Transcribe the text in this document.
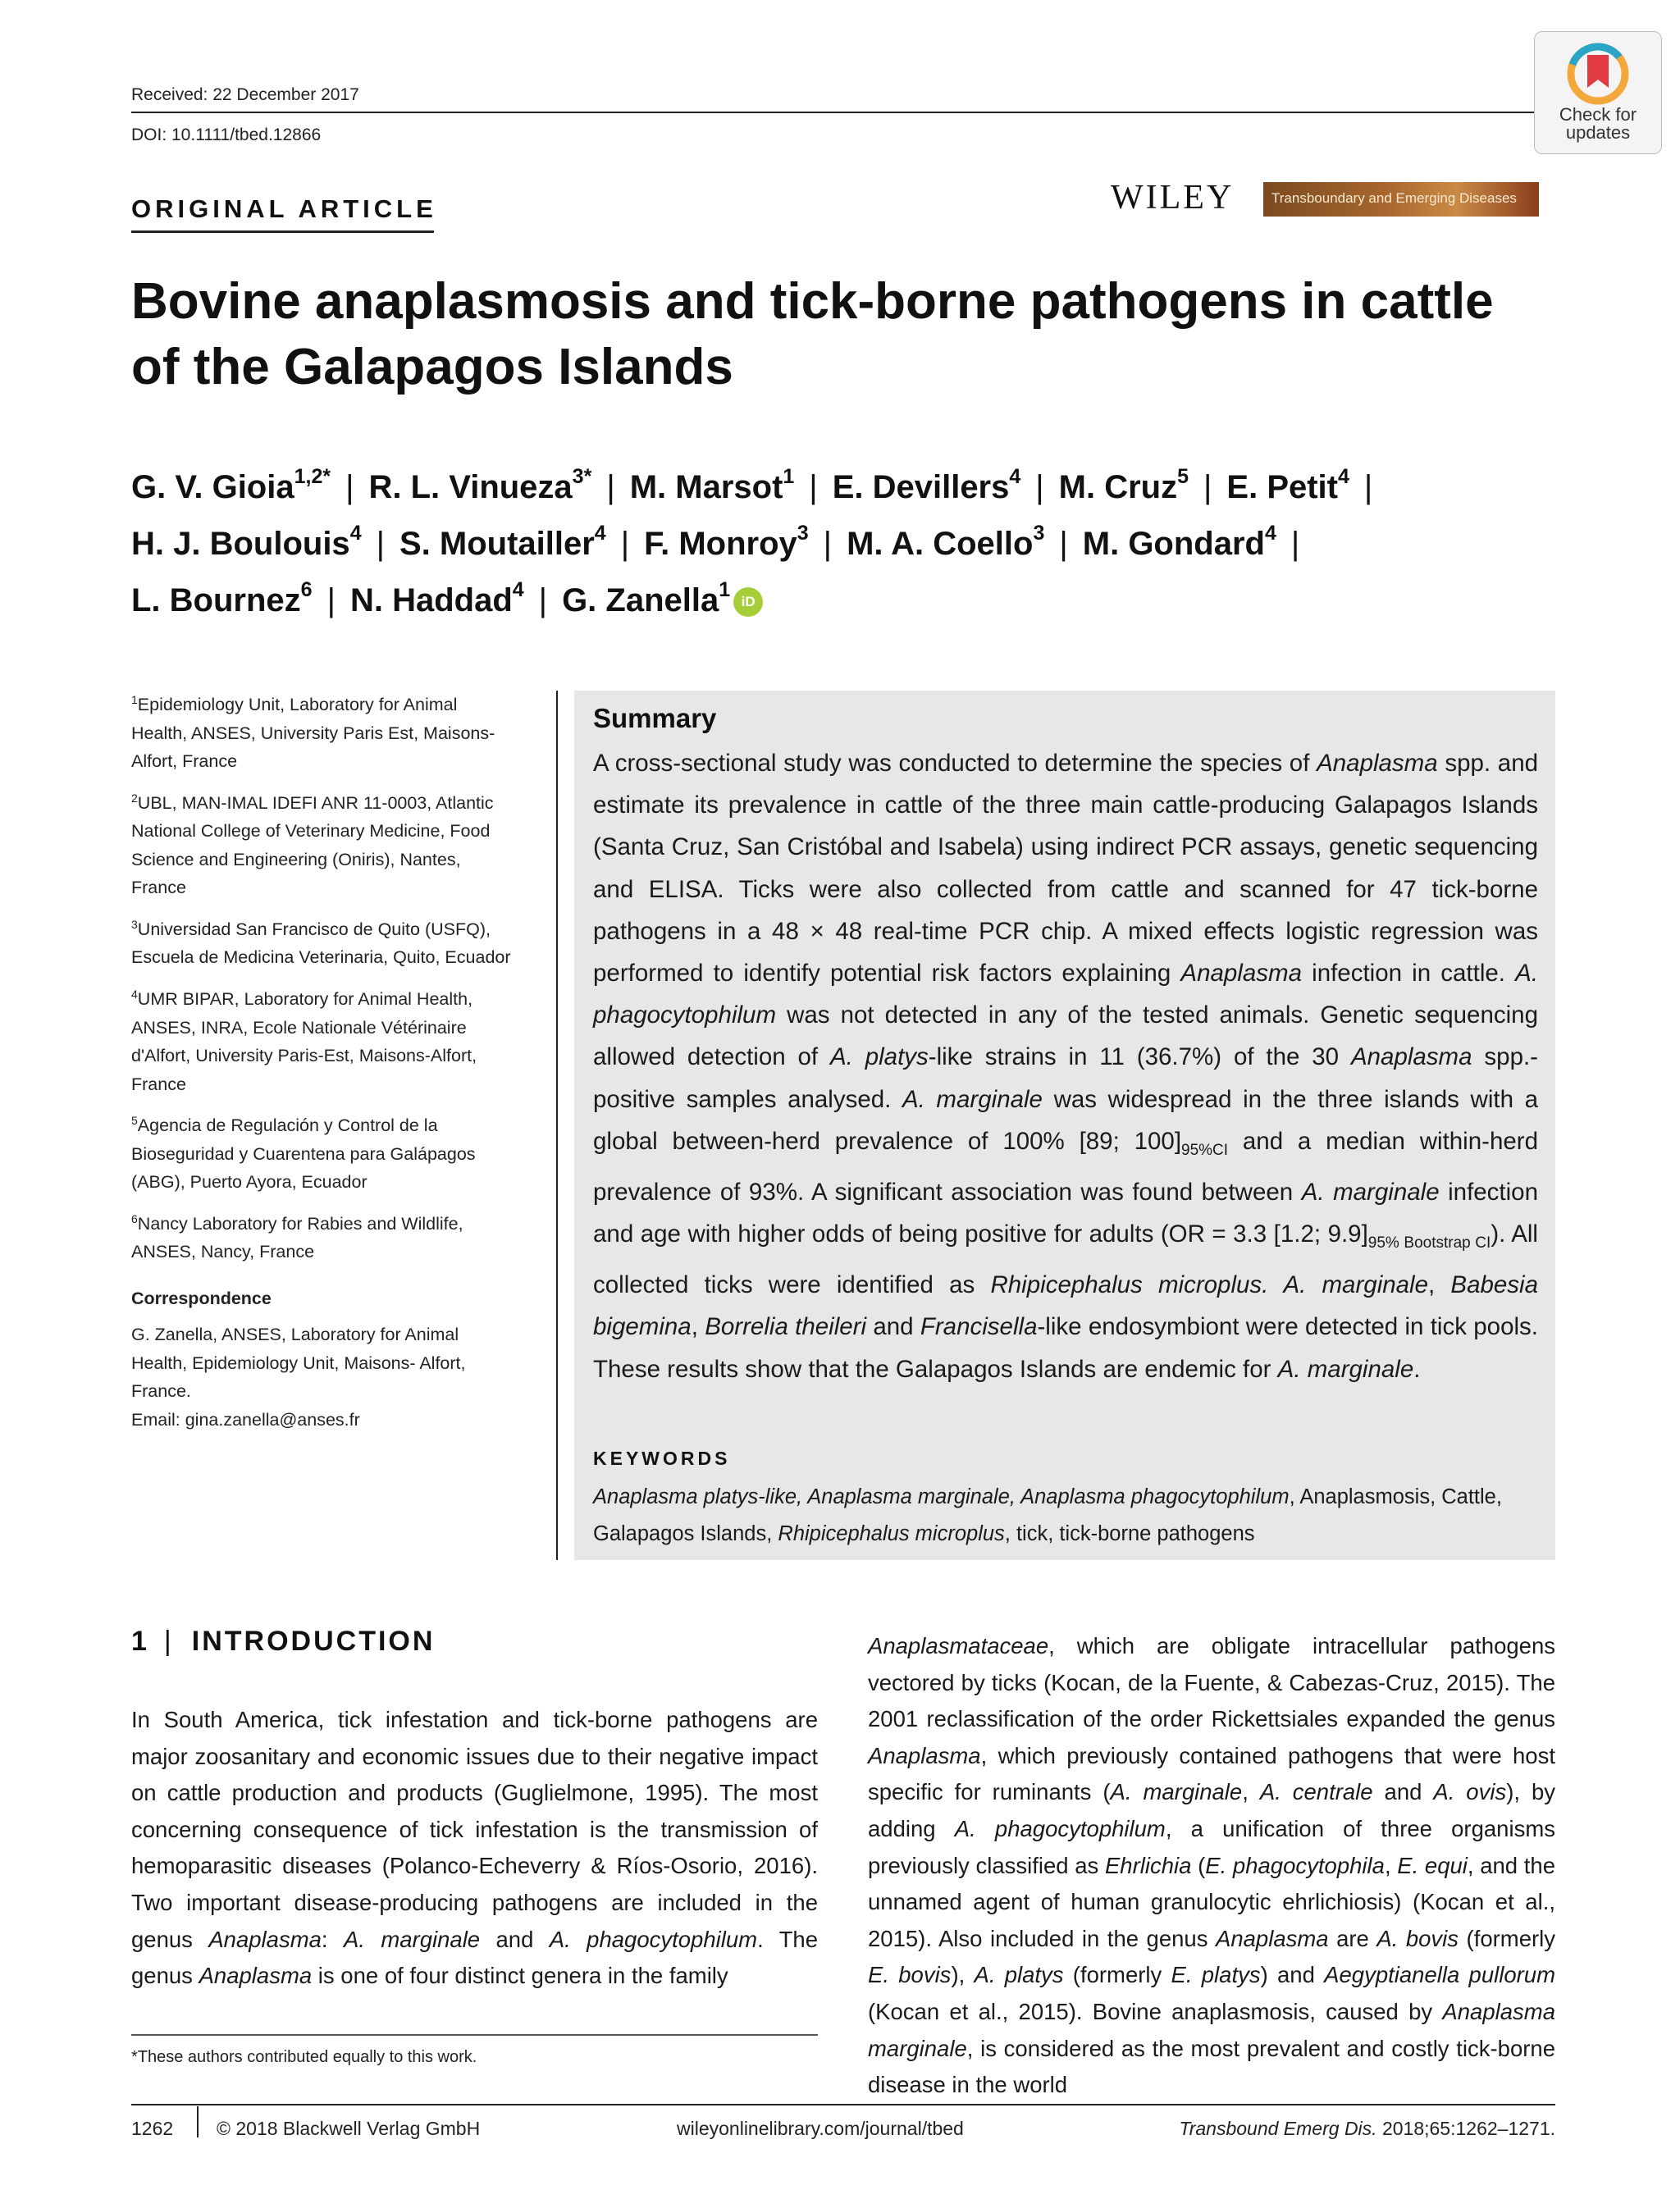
Received: 22 December 2017
DOI: 10.1111/tbed.12866
Check for updates
ORIGINAL ARTICLE	WILEY	Transboundary and Emerging Diseases
Bovine anaplasmosis and tick-borne pathogens in cattle of the Galapagos Islands
G. V. Gioia$^{1,2*}$ | R. L. Vinueza$^{3*}$ | M. Marsot$^1$ | E. Devillers$^4$ | M. Cruz$^5$ | E. Petit$^4$ |
H. J. Boulouis$^4$ | S. Moutailler$^4$ | F. Monroy$^3$ | M. A. Coello$^3$ | M. Gondard$^4$ |
L. Bournez$^6$ | N. Haddad$^4$ | G. Zanella$^1$iD

$^1$Epidemiology Unit, Laboratory for Animal Health, ANSES, University Paris Est, Maisons-Alfort, France

$^2$UBL, MAN-IMAL IDEFI ANR 11-0003, Atlantic National College of Veterinary Medicine, Food Science and Engineering (Oniris), Nantes, France

$^3$Universidad San Francisco de Quito (USFQ), Escuela de Medicina Veterinaria, Quito, Ecuador

$^4$UMR BIPAR, Laboratory for Animal Health, ANSES, INRA, Ecole Nationale Vétérinaire d'Alfort, University Paris-Est, Maisons-Alfort, France

$^5$Agencia de Regulación y Control de la Bioseguridad y Cuarentena para Galápagos (ABG), Puerto Ayora, Ecuador

$^6$Nancy Laboratory for Rabies and Wildlife, ANSES, Nancy, France

Correspondence

G. Zanella, ANSES, Laboratory for Animal Health, Epidemiology Unit, Maisons- Alfort, France.

Email: gina.zanella@anses.fr

Summary
A cross-sectional study was conducted to determine the species of Anaplasma spp. and estimate its prevalence in cattle of the three main cattle-producing Galapagos Islands (Santa Cruz, San Cristóbal and Isabela) using indirect PCR assays, genetic sequencing and ELISA. Ticks were also collected from cattle and scanned for 47 tick-borne pathogens in a 48 × 48 real-time PCR chip. A mixed effects logistic regression was performed to identify potential risk factors explaining Anaplasma infection in cattle. A. phagocytophilum was not detected in any of the tested animals. Genetic sequencing allowed detection of A. platys-like strains in 11 (36.7%) of the 30 Anaplasma spp.-positive samples analysed. A. marginale was widespread in the three islands with a global between-herd prevalence of 100% [89; $100]_{95\%CI}$ and a median within-herd prevalence of 93%. A significant association was found between A. marginale infection and age with higher odds of being positive for adults (OR = 3.3 [1.2; $9.9]_{95\% Bootstrap CI}$). All collected ticks were identified as Rhipicephalus microplus. A. marginale, Babesia bigemina, Borrelia theileri and Francisella-like endosymbiont were detected in tick pools. These results show that the Galapagos Islands are endemic for A. marginale.
KEYWORDS
Anaplasma platys-like, Anaplasma marginale, Anaplasma phagocytophilum, Anaplasmosis, Cattle, Galapagos Islands, Rhipicephalus microplus, tick, tick-borne pathogens
1 | INTRODUCTION
In South America, tick infestation and tick-borne pathogens are major zoosanitary and economic issues due to their negative impact on cattle production and products (Guglielmone, 1995). The most concerning consequence of tick infestation is the transmission of hemoparasitic diseases (Polanco-Echeverry & Ríos-Osorio, 2016). Two important disease-producing pathogens are included in the genus Anaplasma: A. marginale and A. phagocytophilum. The genus Anaplasma is one of four distinct genera in the family
Anaplasmataceae, which are obligate intracellular pathogens vectored by ticks (Kocan, de la Fuente, & Cabezas-Cruz, 2015). The 2001 reclassification of the order Rickettsiales expanded the genus Anaplasma, which previously contained pathogens that were host specific for ruminants (A. marginale, A. centrale and A. ovis), by adding A. phagocytophilum, a unification of three organisms previously classified as Ehrlichia (E. phagocytophila, E. equi, and the unnamed agent of human granulocytic ehrlichiosis) (Kocan et al., 2015). Also included in the genus Anaplasma are A. bovis (formerly E. bovis), A. platys (formerly E. platys) and Aegyptianella pullorum (Kocan et al., 2015). Bovine anaplasmosis, caused by Anaplasma marginale, is considered as the most prevalent and costly tick-borne disease in the world
*These authors contributed equally to this work.
1262 © 2018 Blackwell Verlag GmbH	wileyonlinelibrary.com/journal/tbed	Transbound Emerg Dis. 2018;65:1262–1271.
